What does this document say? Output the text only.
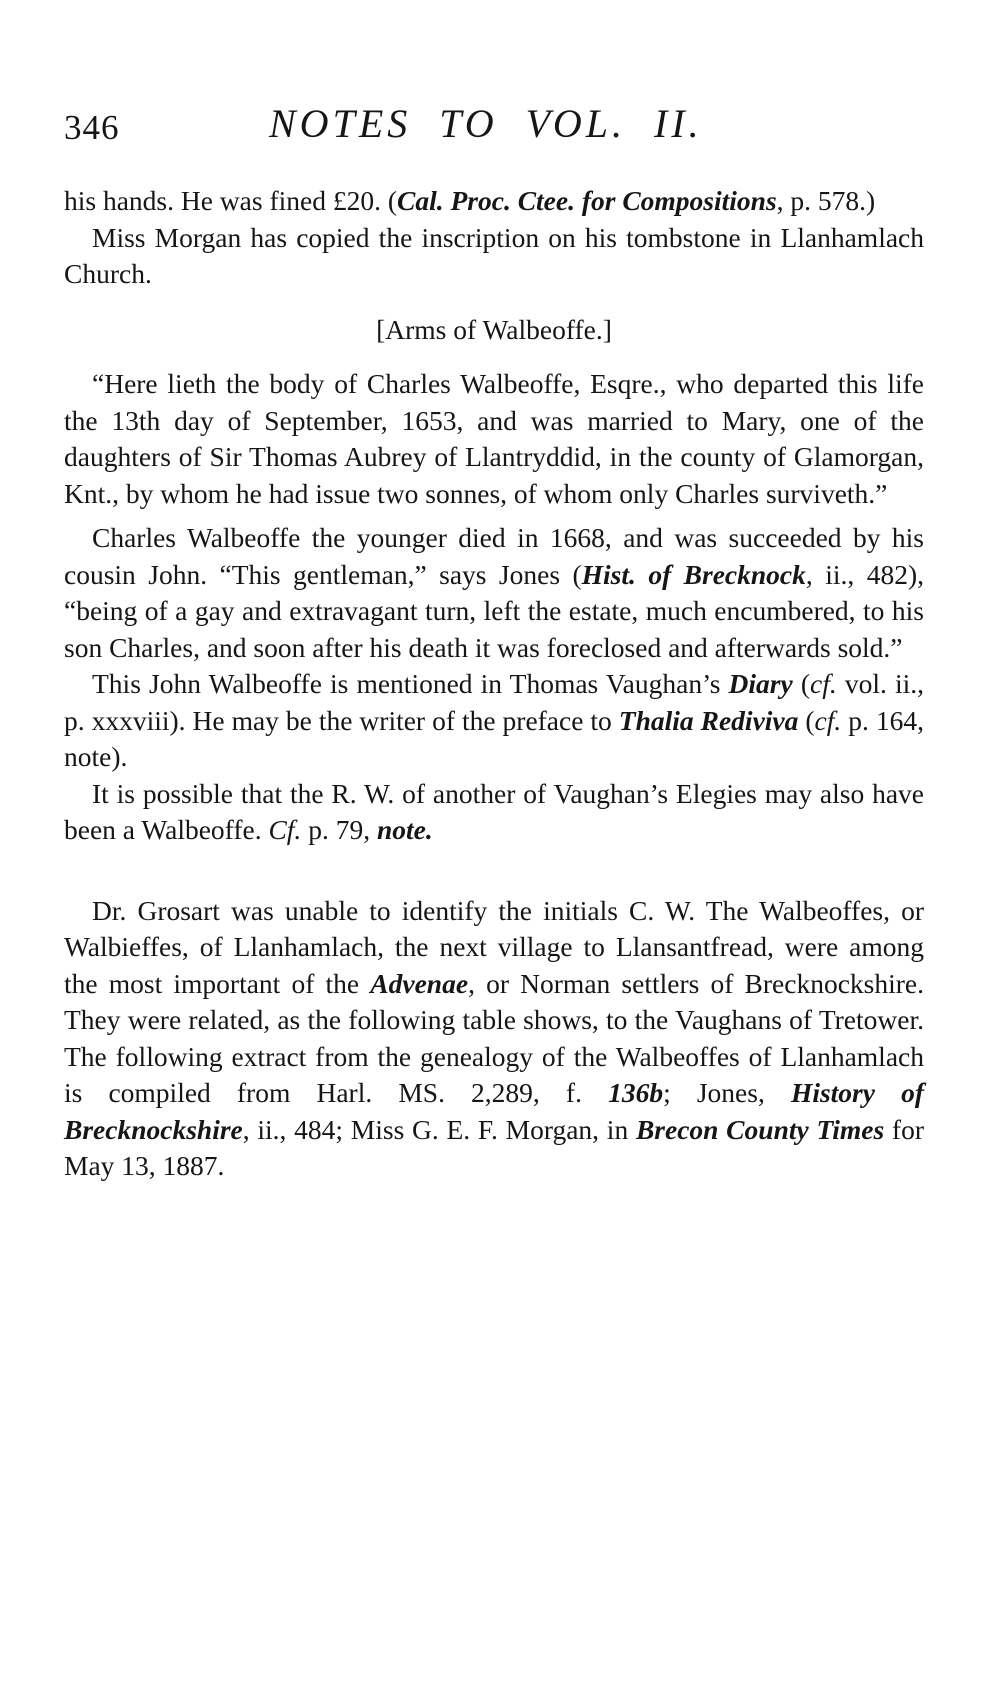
346	NOTES TO VOL. II.

his hands. He was fined £20. (Cal. Proc. Ctee. for Compositions, p. 578.)

Miss Morgan has copied the inscription on his tombstone in Llanhamlach Church.

[Arms of Walbeoffe.]

“Here lieth the body of Charles Walbeoffe, Esqre., who departed this life the 13th day of September, 1653, and was married to Mary, one of the daughters of Sir Thomas Aubrey of Llantryddid, in the county of Glamorgan, Knt., by whom he had issue two sonnes, of whom only Charles surviveth.”

Charles Walbeoffe the younger died in 1668, and was succeeded by his cousin John. “This gentleman,” says Jones (Hist. of Brecknock, ii., 482), “being of a gay and extravagant turn, left the estate, much encumbered, to his son Charles, and soon after his death it was foreclosed and afterwards sold.”

This John Walbeoffe is mentioned in Thomas Vaughan’s Diary (cf. vol. ii., p. xxxviii). He may be the writer of the preface to Thalia Rediviva (cf. p. 164, note).

It is possible that the R. W. of another of Vaughan’s Elegies may also have been a Walbeoffe. Cf. p. 79, note.

Dr. Grosart was unable to identify the initials C. W. The Walbeoffes, or Walbieffes, of Llanhamlach, the next village to Llansantfread, were among the most important of the Advenae, or Norman settlers of Brecknockshire. They were related, as the following table shows, to the Vaughans of Tretower. The following extract from the genealogy of the Walbeoffes of Llanhamlach is compiled from Harl. MS. 2,289, f. 136b; Jones, History of Brecknockshire, ii., 484; Miss G. E. F. Morgan, in Brecon County Times for May 13, 1887.
